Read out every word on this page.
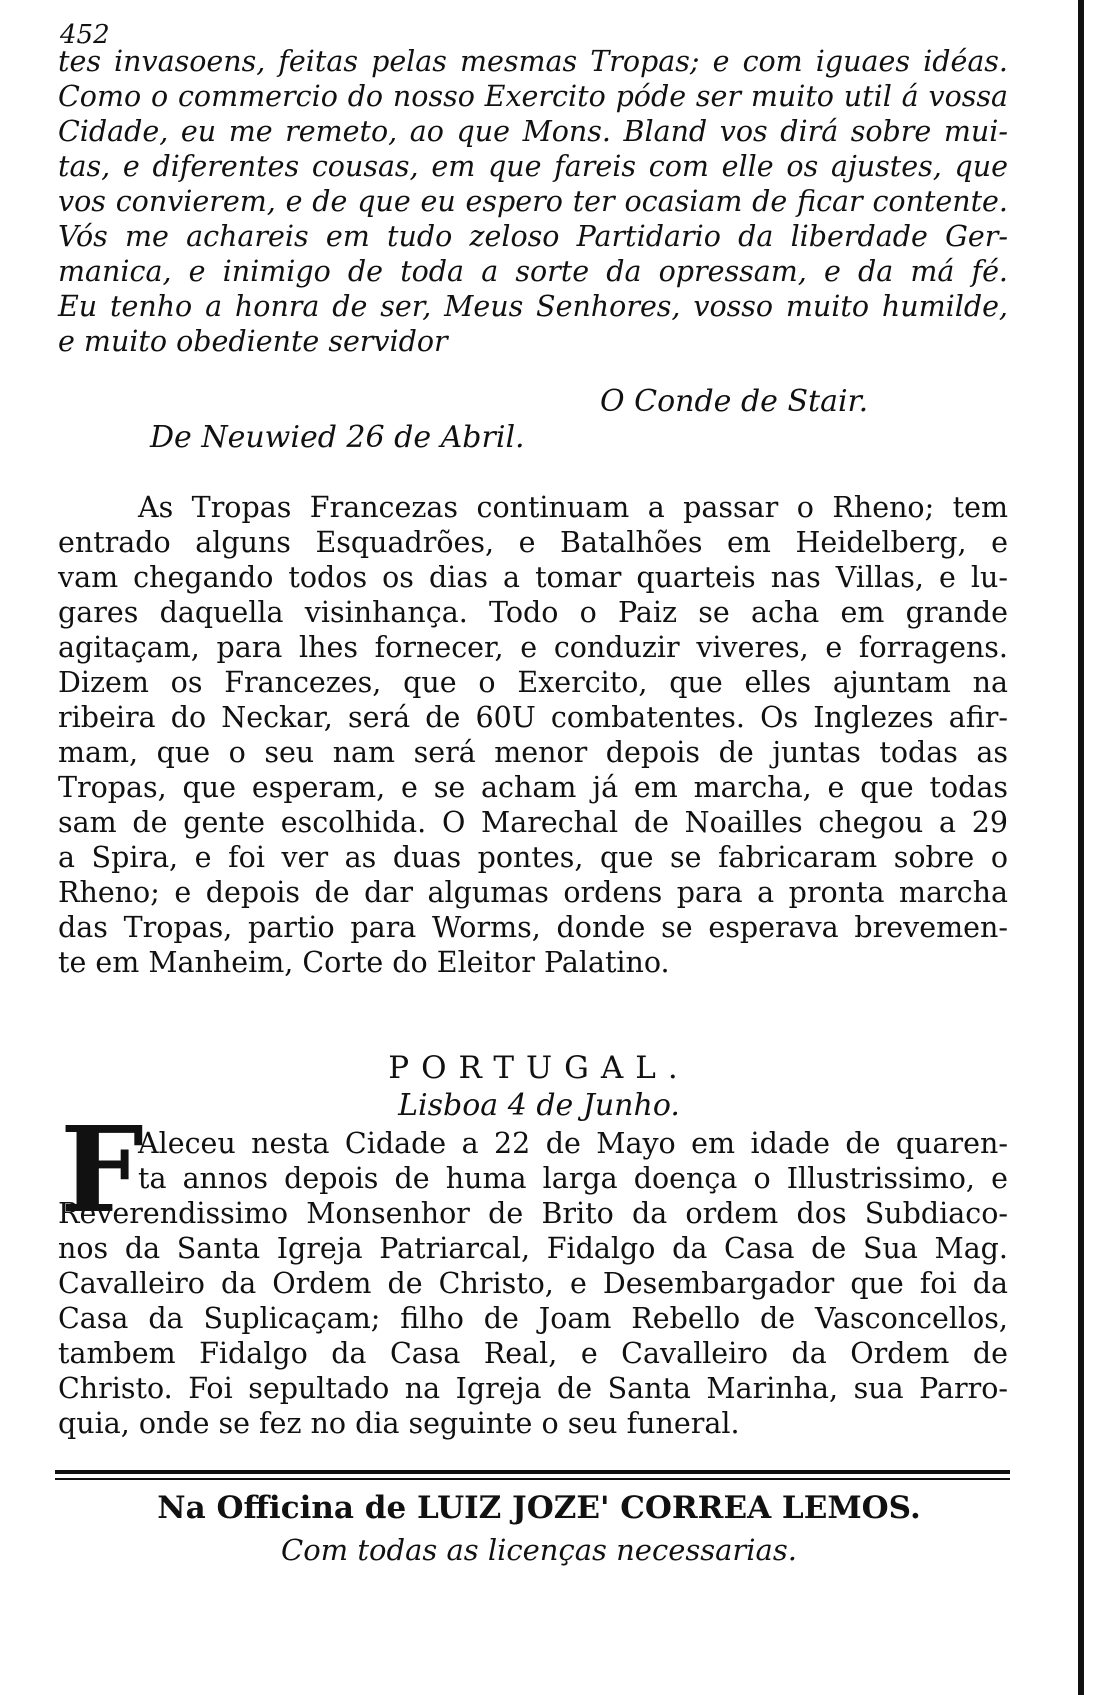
452
tes invasoens, feitas pelas mesmas Tropas; e com iguaes idéas.
Como o commercio do nosso Exercito póde ser muito util á vossa
Cidade, eu me remeto, ao que Mons. Bland vos dirá sobre mui-
tas, e diferentes cousas, em que fareis com elle os ajustes, que
vos convierem, e de que eu espero ter ocasiam de ficar contente.
Vós me achareis em tudo zeloso Partidario da liberdade Ger-
manica, e inimigo de toda a sorte da opressam, e da má fé.
Eu tenho a honra de ser, Meus Senhores, vosso muito humilde,
e muito obediente servidor
O Conde de Stair.
De Neuwied 26 de Abril.
As Tropas Francezas continuam a passar o Rheno; tem
entrado alguns Esquadrões, e Batalhões em Heidelberg, e
vam chegando todos os dias a tomar quarteis nas Villas, e lu-
gares daquella visinhança. Todo o Paiz se acha em grande
agitaçam, para lhes fornecer, e conduzir viveres, e forragens.
Dizem os Francezes, que o Exercito, que elles ajuntam na
ribeira do Neckar, será de 60U combatentes. Os Inglezes afir-
mam, que o seu nam será menor depois de juntas todas as
Tropas, que esperam, e se acham já em marcha, e que todas
sam de gente escolhida. O Marechal de Noailles chegou a 29
a Spira, e foi ver as duas pontes, que se fabricaram sobre o
Rheno; e depois de dar algumas ordens para a pronta marcha
das Tropas, partio para Worms, donde se esperava brevemen-
te em Manheim, Corte do Eleitor Palatino.
PORTUGAL.
Lisboa 4 de Junho.
F
Aleceu nesta Cidade a 22 de Mayo em idade de quaren-
ta annos depois de huma larga doença o Illustrissimo, e
Reverendissimo Monsenhor de Brito da ordem dos Subdiaco-
nos da Santa Igreja Patriarcal, Fidalgo da Casa de Sua Mag.
Cavalleiro da Ordem de Christo, e Desembargador que foi da
Casa da Suplicaçam; filho de Joam Rebello de Vasconcellos,
tambem Fidalgo da Casa Real, e Cavalleiro da Ordem de
Christo. Foi sepultado na Igreja de Santa Marinha, sua Parro-
quia, onde se fez no dia seguinte o seu funeral.
Na Officina de LUIZ JOZE' CORREA LEMOS.
Com todas as licenças necessarias.
